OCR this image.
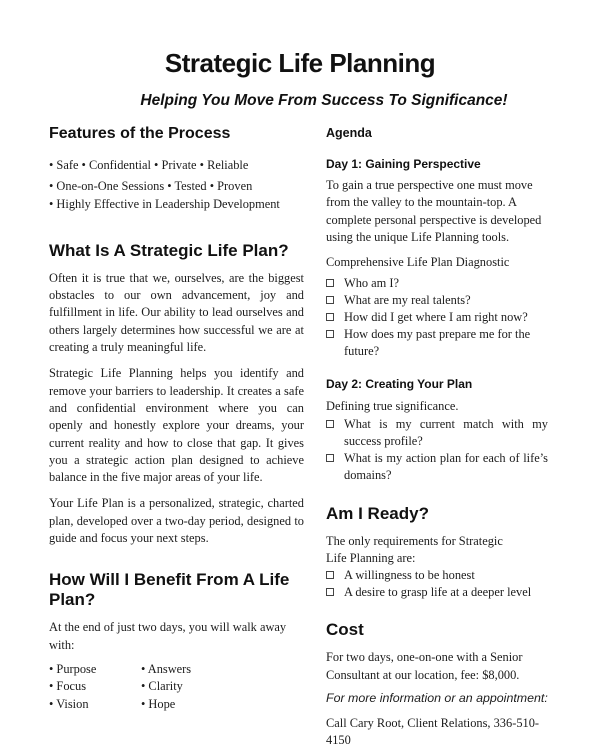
Strategic Life Planning
Helping You Move From Success To Significance!
Features of the Process

• Safe • Confidential • Private • Reliable

• One-on-One Sessions • Tested • Proven

• Highly Effective in Leadership Development

What Is A Strategic Life Plan?

Often it is true that we, ourselves, are the biggest obstacles to our own advancement, joy and fulfillment in life. Our ability to lead ourselves and others largely determines how successful we are at creating a truly meaningful life.

Strategic Life Planning helps you identify and remove your barriers to leadership. It creates a safe and confidential environment where you can openly and honestly explore your dreams, your current reality and how to close that gap. It gives you a strategic action plan designed to achieve balance in the five major areas of your life.

Your Life Plan is a personalized, strategic, charted plan, developed over a two-day period, designed to guide and focus your next steps.

How Will I Benefit From A Life Plan?

At the end of just two days, you will walk away with:

• Purpose	• Answers
• Focus	• Clarity
• Vision	• Hope
Agenda
Day 1: Gaining Perspective

To gain a true perspective one must move from the valley to the mountain-top. A complete personal perspective is developed using the unique Life Planning tools.

Comprehensive Life Plan Diagnostic

Who am I?
What are my real talents?
How did I get where I am right now?
How does my past prepare me for the future?
Day 2: Creating Your Plan

Defining true significance.

What is my current match with my success profile?
What is my action plan for each of life’s domains?
Am I Ready?

The only requirements for Strategic Life Planning are:

A willingness to be honest
A desire to grasp life at a deeper level
Cost

For two days, one-on-one with a Senior Consultant at our location, fee: $8,000.

For more information or an appointment:

Call Cary Root, Client Relations, 336-510-4150
